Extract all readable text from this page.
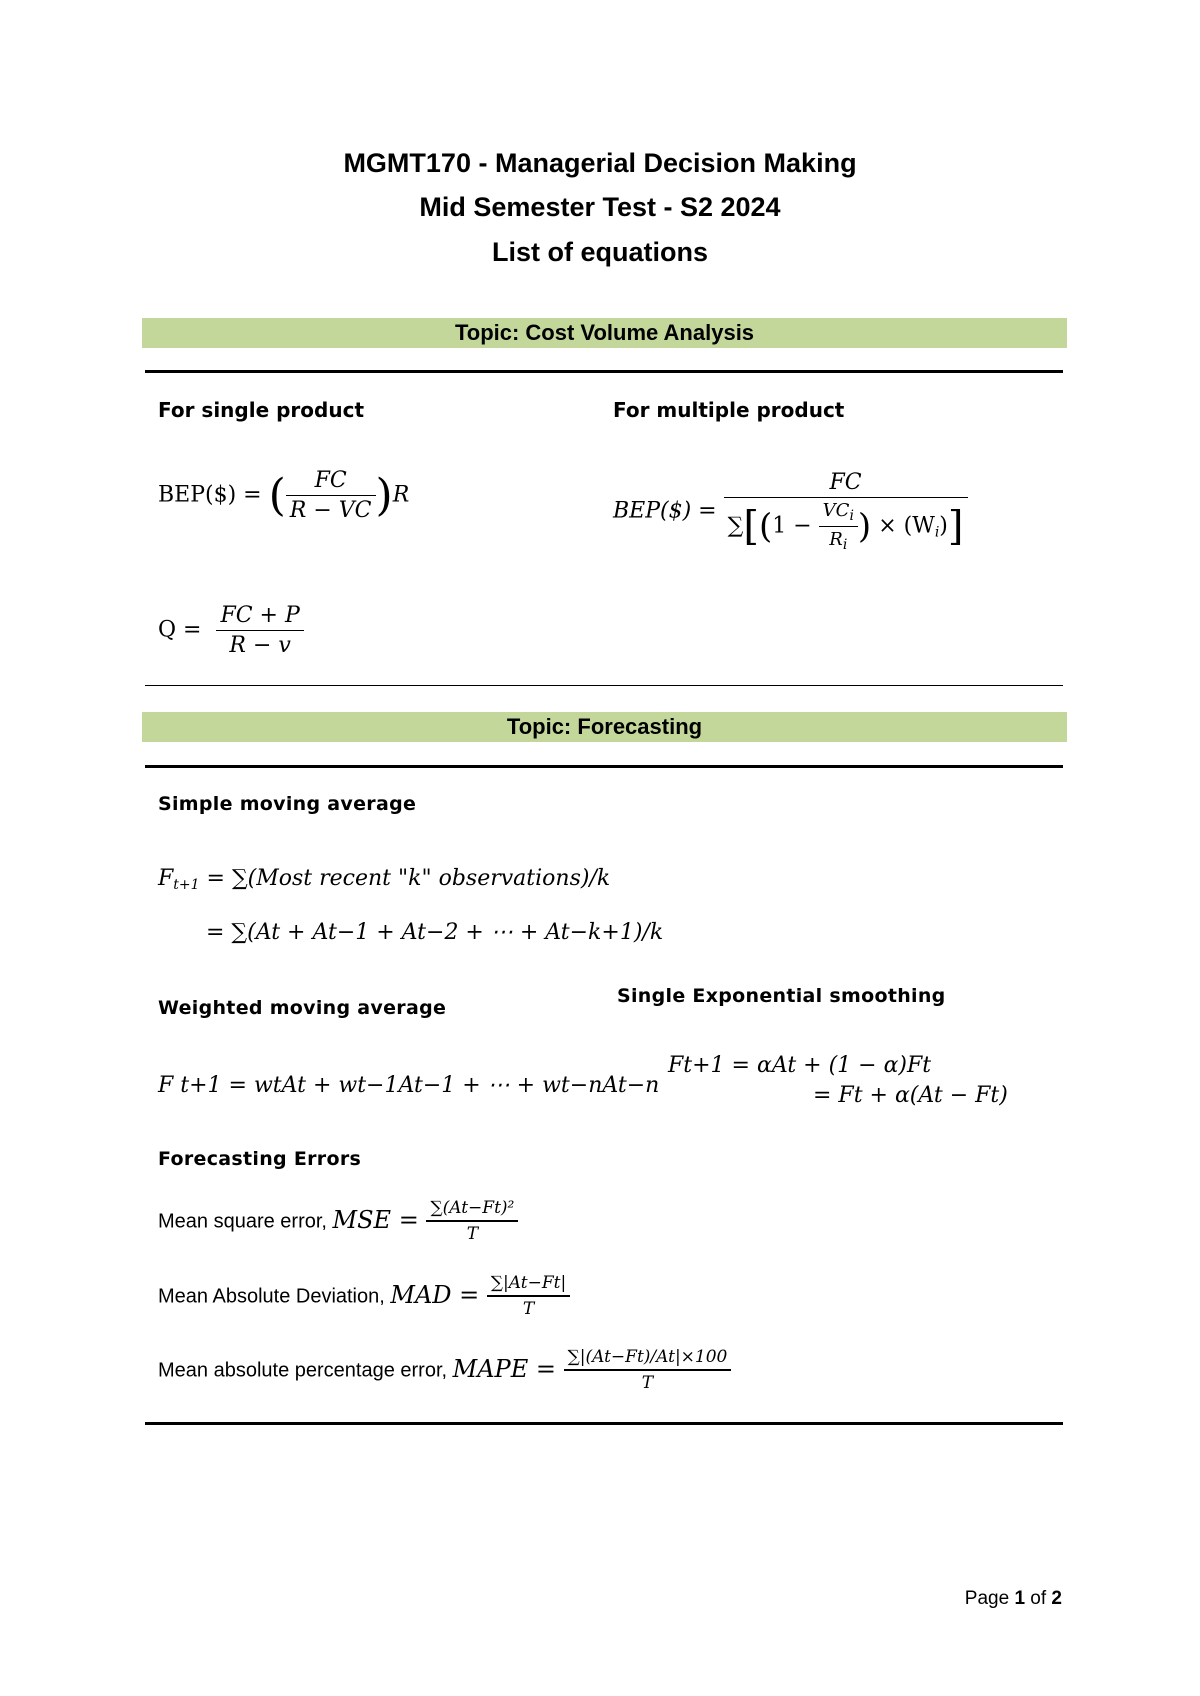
MGMT170 - Managerial Decision Making
Mid Semester Test - S2 2024
List of equations
Topic: Cost Volume Analysis
For single product	For multiple product
BEP($) = ( $\frac{FC}{R - VC} )R$
BEP($) = $\frac{FC}{\sum[(1 - \frac{VC_i}{R_i} ) \times (W_i)]}$
$Q = \frac{FC + P}{R - v}$
Topic: Forecasting
Simple moving average
$F_{t+1}$ = ∑(Most recent "k" observations)/k
= ∑(At + At−1 + At−2 + ⋯ + At−k+1)/k
Weighted moving average
Single Exponential smoothing
F t+1 = wtAt + wt−1At−1 + ⋯ + wt−nAt−n
Ft+1 = αAt + (1 − α)Ft
= Ft + α(At − Ft)
Forecasting Errors
Mean square error, MSE = $\frac{\text{∑(At−Ft)²}}{T}$
Mean Absolute Deviation, MAD = $\frac{\sum|At-Ft|}{T}$
Mean absolute percentage error, MAPE = $\frac{\sum|(At-Ft)/At|\times 100}{T}$
Page 1 of 2
